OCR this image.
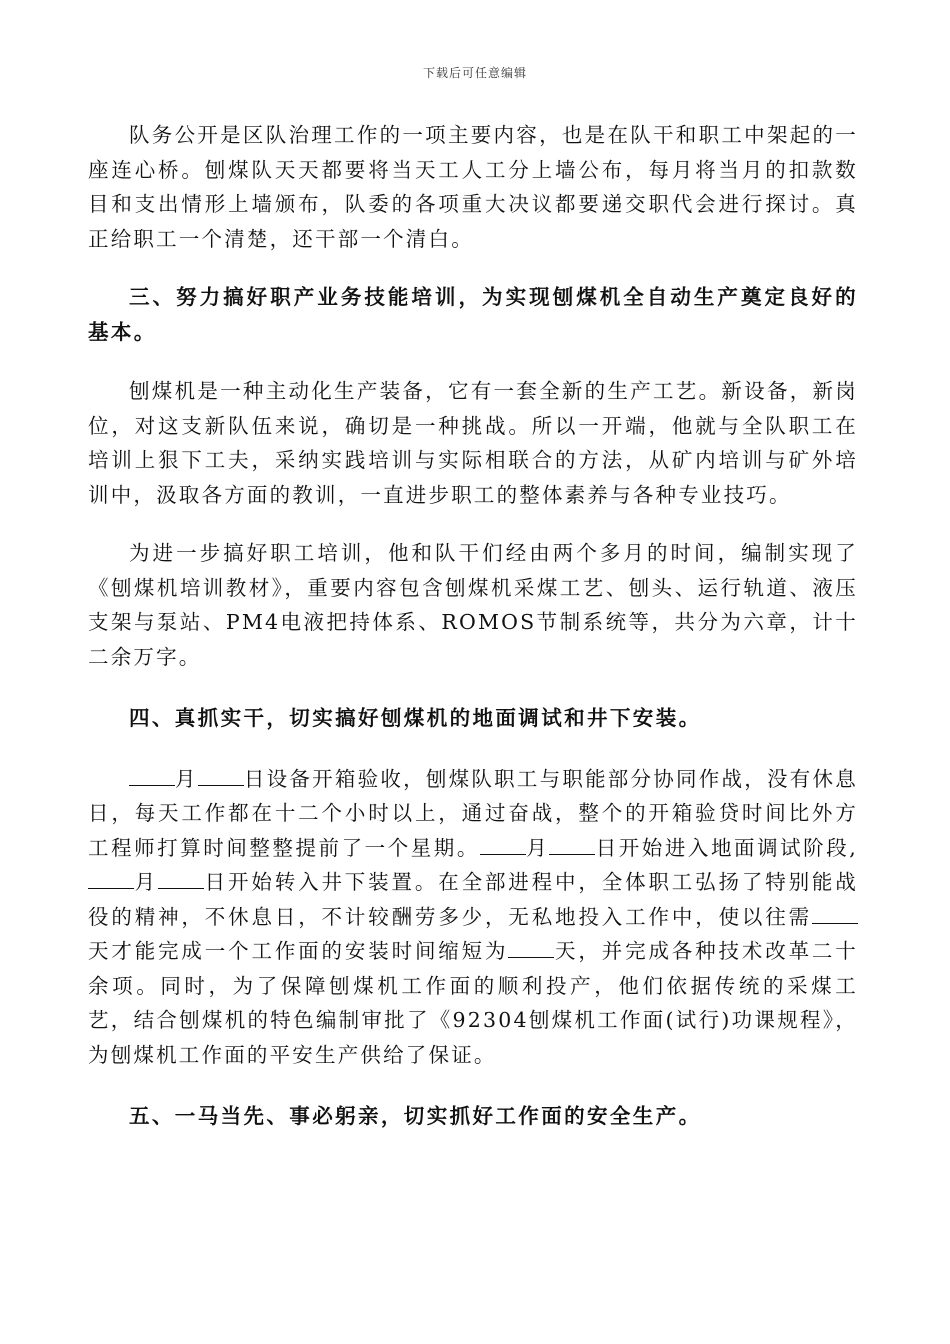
下载后可任意编辑

队务公开是区队治理工作的一项主要内容，也是在队干和职工中架起的一座连心桥。刨煤队天天都要将当天工人工分上墙公布，每月将当月的扣款数目和支出情形上墙颁布，队委的各项重大决议都要递交职代会进行探讨。真正给职工一个清楚，还干部一个清白。

三、努力搞好职产业务技能培训，为实现刨煤机全自动生产奠定良好的基本。

刨煤机是一种主动化生产装备，它有一套全新的生产工艺。新设备，新岗位，对这支新队伍来说，确切是一种挑战。所以一开端，他就与全队职工在培训上狠下工夫，采纳实践培训与实际相联合的方法，从矿内培训与矿外培训中，汲取各方面的教训，一直进步职工的整体素养与各种专业技巧。

为进一步搞好职工培训，他和队干们经由两个多月的时间，编制实现了《刨煤机培训教材》，重要内容包含刨煤机采煤工艺、刨头、运行轨道、液压支架与泵站、PM4电液把持体系、ROMOS节制系统等，共分为六章，计十二余万字。

四、真抓实干，切实搞好刨煤机的地面调试和井下安装。

月 日设备开箱验收，刨煤队职工与职能部分协同作战，没有休息日，每天工作都在十二个小时以上，通过奋战，整个的开箱验贷时间比外方工程师打算时间整整提前了一个星期。 月 日开始进入地面调试阶段,月 日开始转入井下装置。在全部进程中，全体职工弘扬了特别能战役的精神，不休息日，不计较酬劳多少，无私地投入工作中，使以往需天才能完成一个工作面的安装时间缩短为 天，并完成各种技术改革二十余项。同时，为了保障刨煤机工作面的顺利投产，他们依据传统的采煤工艺，结合刨煤机的特色编制审批了《92304刨煤机工作面(试行)功课规程》，为刨煤机工作面的平安生产供给了保证。

五、一马当先、事必躬亲，切实抓好工作面的安全生产。
